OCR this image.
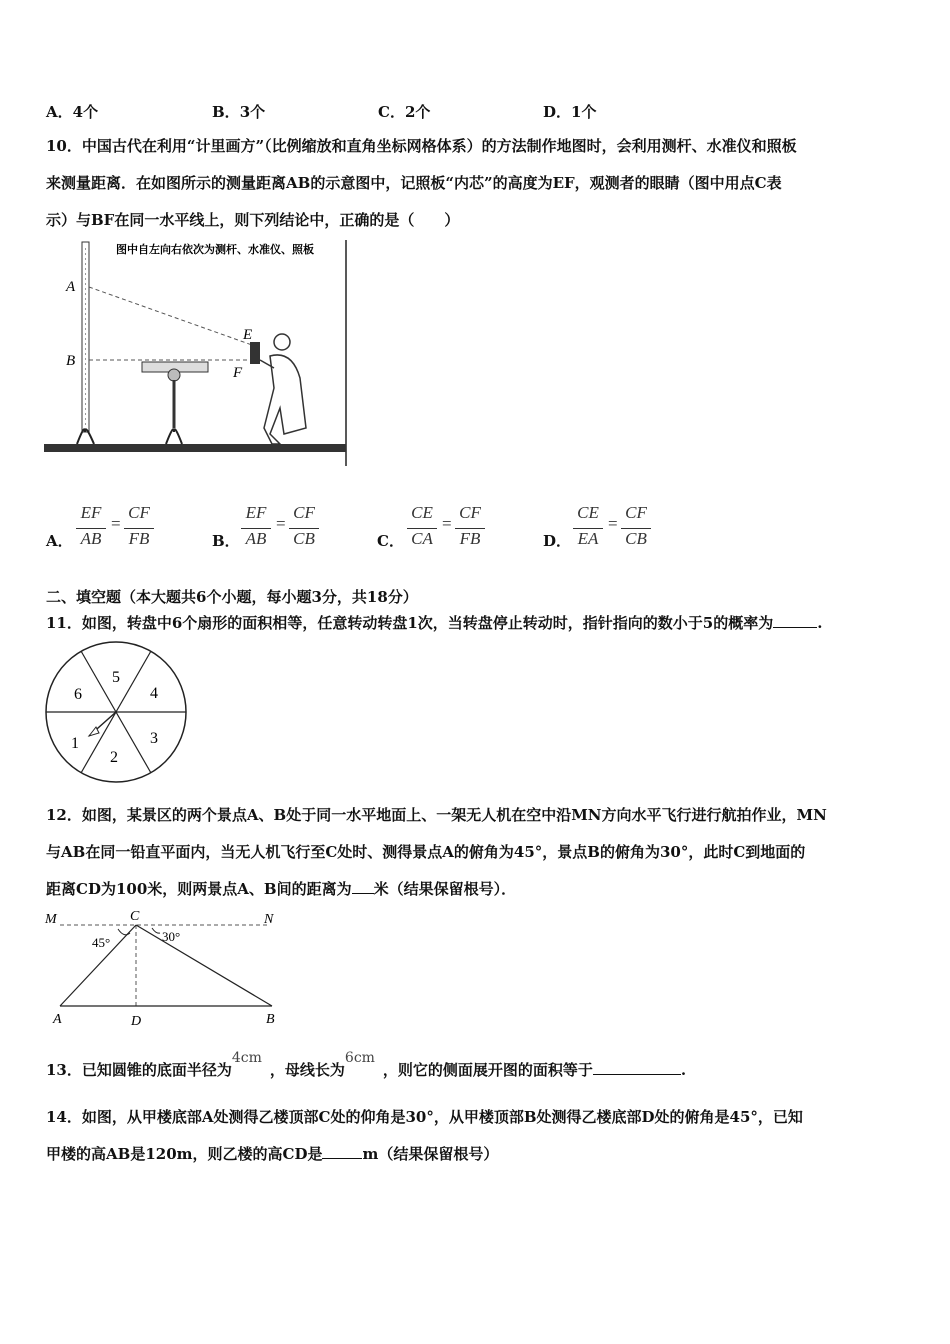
A．4个	B．3个	C．2个	D．1个
10．中国古代在利用“计里画方”（比例缩放和直角坐标网格体系）的方法制作地图时，会利用测杆、水准仪和照板
来测量距离．在如图所示的测量距离AB的示意图中，记照板“内芯”的高度为EF，观测者的眼睛（图中用点C表
示）与BF在同一水平线上，则下列结论中，正确的是（　　）
图中自左向右依次为测杆、水准仪、照板
A
B
E
F
A．
EF
AB
=
CF
FB	B．
EF
AB
=
CF
CB	C．
CE
CA
=
CF
FB	D．
CE
EA
=
CF
CB
二、填空题（本大题共6个小题，每小题3分，共18分）
11．如图，转盘中6个扇形的面积相等，任意转动转盘1次，当转盘停止转动时，指针指向的数小于5的概率为	.
5
4
3
2
1
6
12．如图，某景区的两个景点A、B处于同一水平地面上、一架无人机在空中沿MN方向水平飞行进行航拍作业，MN
与AB在同一铅直平面内，当无人机飞行至C处时、测得景点A的俯角为45°，景点B的俯角为30°，此时C到地面的
距离CD为100米，则两景点A、B间的距离为 米（结果保留根号）．
M	C	N
45°	30°
A	D	B
13．已知圆锥的底面半径为4cm，母线长为6cm，则它的侧面展开图的面积等于	.
14．如图，从甲楼底部A处测得乙楼顶部C处的仰角是30°，从甲楼顶部B处测得乙楼底部D处的俯角是45°，已知
甲楼的高AB是120m，则乙楼的高CD是	m（结果保留根号）
